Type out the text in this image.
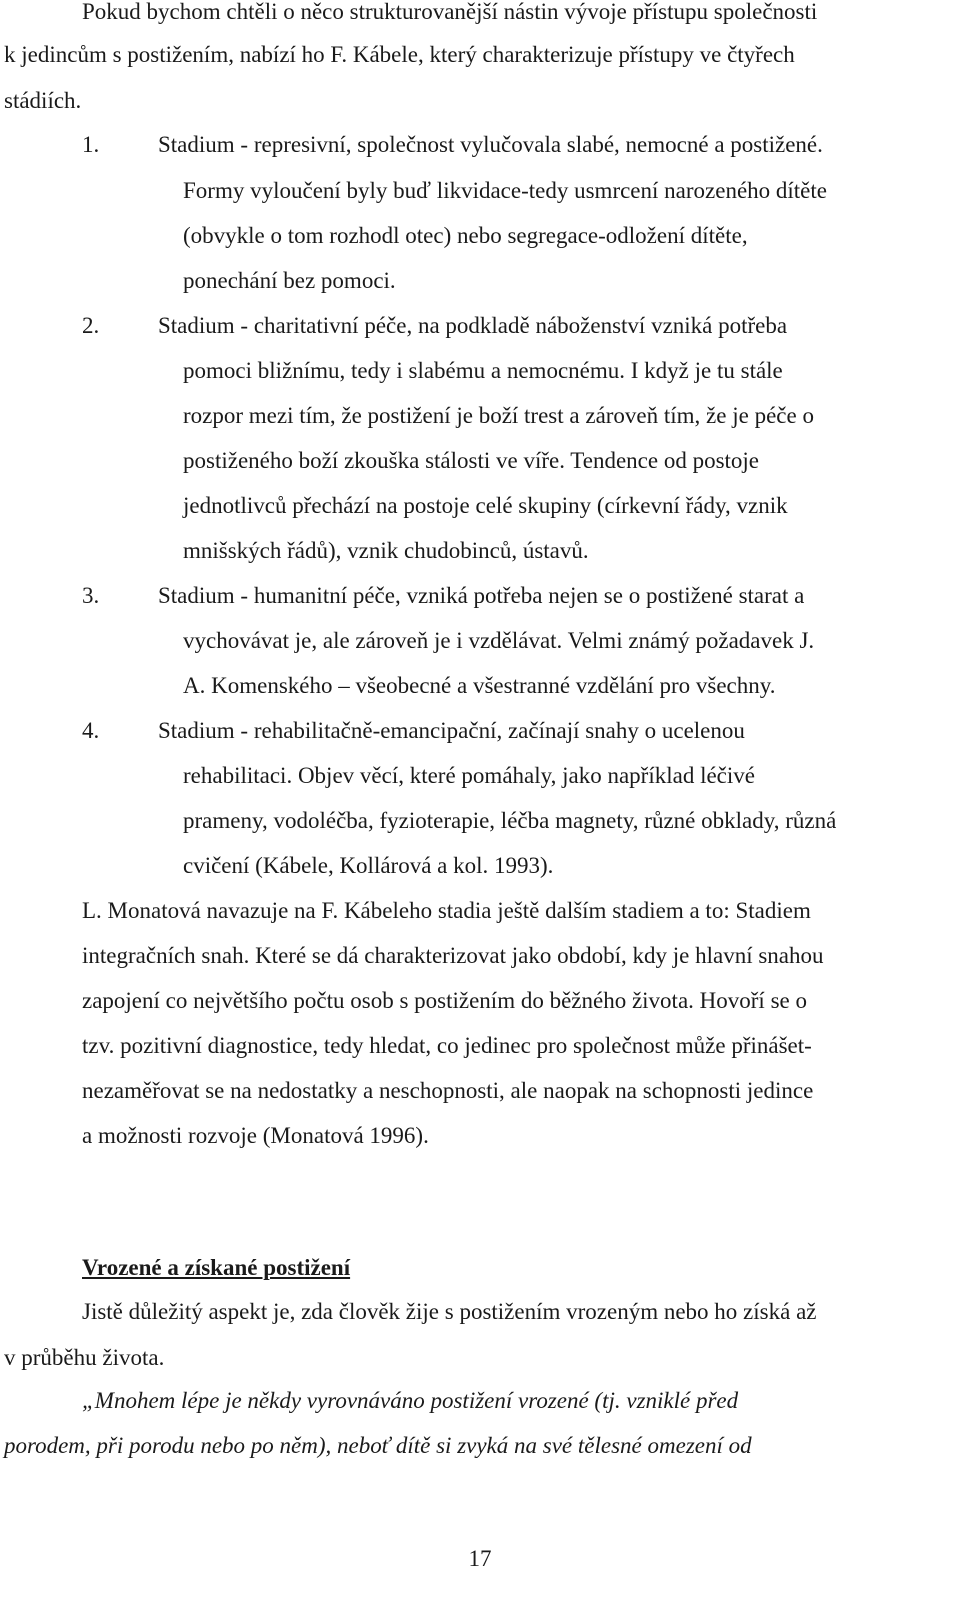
Pokud bychom chtěli o něco strukturovanější nástin vývoje přístupu společnosti
k jedincům s postižením, nabízí ho F. Kábele, který charakterizuje přístupy ve čtyřech
stádiích.
1.	Stadium - represivní, společnost vylučovala slabé, nemocné a postižené.
Formy vyloučení byly buď likvidace-tedy usmrcení narozeného dítěte
(obvykle o tom rozhodl otec) nebo segregace-odložení dítěte,
ponechání bez pomoci.
2.	Stadium - charitativní péče, na podkladě náboženství vzniká potřeba
pomoci bližnímu, tedy i slabému a nemocnému. I když je tu stále
rozpor mezi tím, že postižení je boží trest a zároveň tím, že je péče o
postiženého boží zkouška stálosti ve víře. Tendence od postoje
jednotlivců přechází na postoje celé skupiny (církevní řády, vznik
mnišských řádů), vznik chudobinců, ústavů.
3.	Stadium - humanitní péče, vzniká potřeba nejen se o postižené starat a
vychovávat je, ale zároveň je i vzdělávat. Velmi známý požadavek J.
A. Komenského – všeobecné a všestranné vzdělání pro všechny.
4.	Stadium - rehabilitačně-emancipační, začínají snahy o ucelenou
rehabilitaci. Objev věcí, které pomáhaly, jako například léčivé
prameny, vodoléčba, fyzioterapie, léčba magnety, různé obklady, různá
cvičení (Kábele, Kollárová a kol. 1993).
L. Monatová navazuje na F. Kábeleho stadia ještě dalším stadiem a to: Stadiem
integračních snah. Které se dá charakterizovat jako období, kdy je hlavní snahou
zapojení co největšího počtu osob s postižením do běžného života. Hovoří se o
tzv. pozitivní diagnostice, tedy hledat, co jedinec pro společnost může přinášet-
nezaměřovat se na nedostatky a neschopnosti, ale naopak na schopnosti jedince
a možnosti rozvoje (Monatová 1996).
Vrozené a získané postižení
Jistě důležitý aspekt je, zda člověk žije s postižením vrozeným nebo ho získá až
v průběhu života.
„Mnohem lépe je někdy vyrovnáváno postižení vrozené (tj. vzniklé před
porodem, při porodu nebo po něm), neboť dítě si zvyká na své tělesné omezení od
17
